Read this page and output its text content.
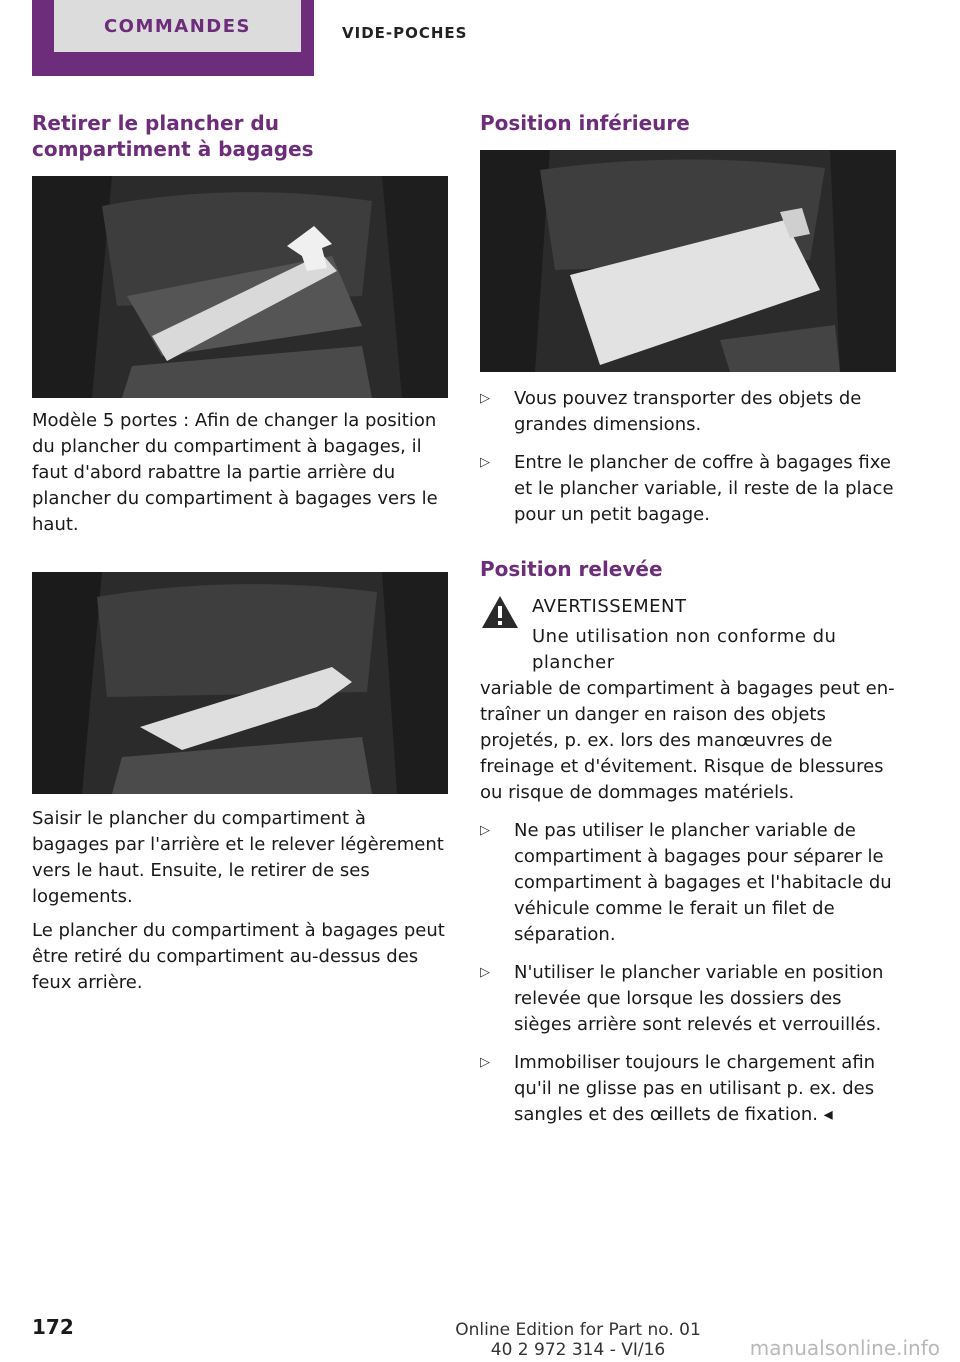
COMMANDES	VIDE-POCHES
Retirer le plancher du compartiment à bagages

Modèle 5 portes : Afin de changer la position du plancher du compartiment à bagages, il faut d'abord rabattre la partie arrière du plancher du compartiment à bagages vers le haut.

Saisir le plancher du compartiment à bagages par l'arrière et le relever légèrement vers le haut. Ensuite, le retirer de ses logements.

Le plancher du compartiment à bagages peut être retiré du compartiment au-dessus des feux arrière.

Position inférieure
▷ Vous pouvez transporter des objets de grandes dimensions.
▷ Entre le plancher de coffre à bagages fixe et le plancher variable, il reste de la place pour un petit bagage.
Position relevée
AVERTISSEMENT
Une utilisation non conforme du plancher

variable de compartiment à bagages peut entraîner un danger en raison des objets projetés, p. ex. lors des manœuvres de freinage et d'évitement. Risque de blessures ou risque de dommages matériels.

▷ Ne pas utiliser le plancher variable de compartiment à bagages pour séparer le compartiment à bagages et l'habitacle du véhicule comme le ferait un filet de séparation.
▷ N'utiliser le plancher variable en position relevée que lorsque les dossiers des sièges arrière sont relevés et verrouillés.
▷ Immobiliser toujours le chargement afin qu'il ne glisse pas en utilisant p. ex. des sangles et des œillets de fixation. ◂
172	Online Edition for Part no. 01 40 2 972 314 - VI/16	manualsonline.info
